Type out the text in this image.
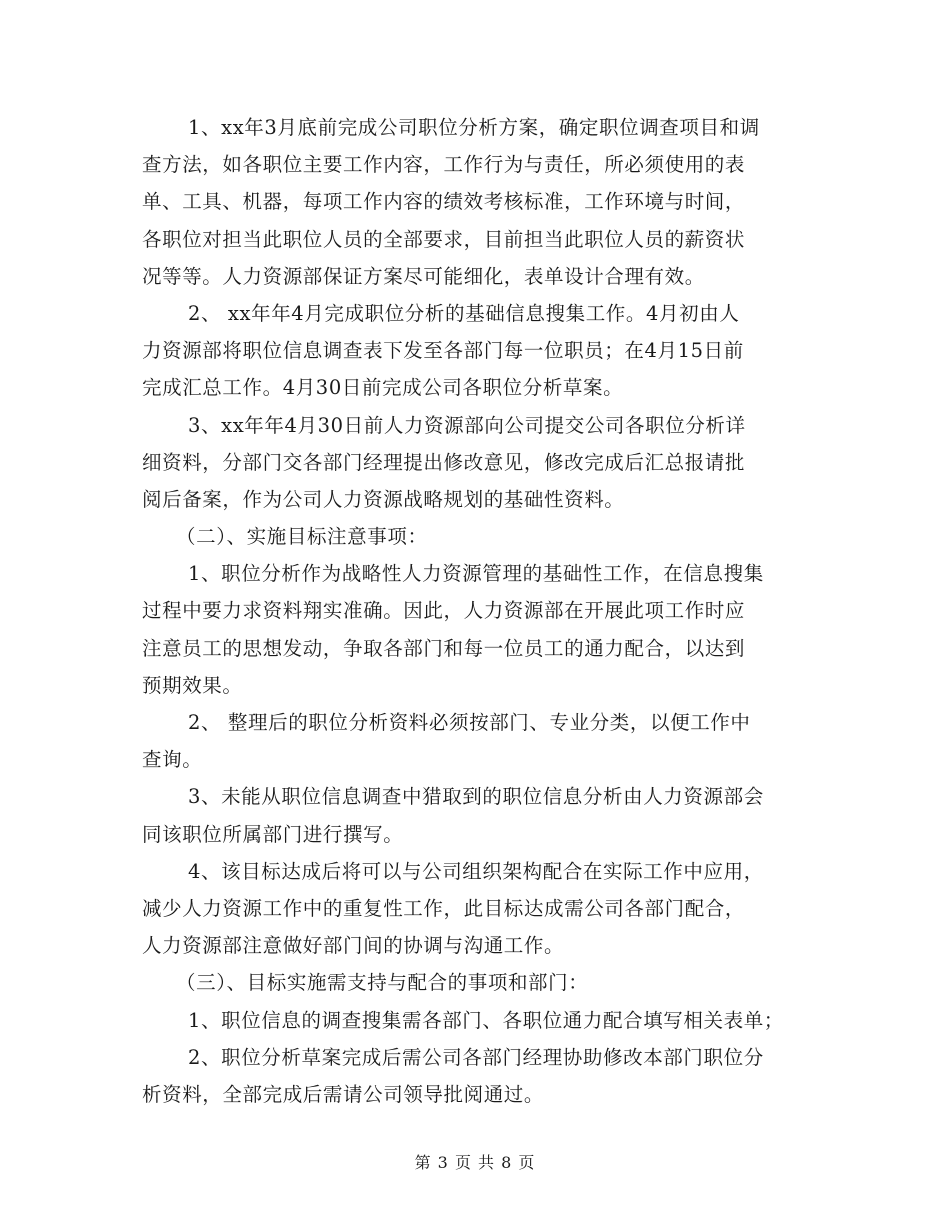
1、xx年3月底前完成公司职位分析方案，确定职位调查项目和调
查方法，如各职位主要工作内容，工作行为与责任，所必须使用的表
单、工具、机器，每项工作内容的绩效考核标准，工作环境与时间，
各职位对担当此职位人员的全部要求，目前担当此职位人员的薪资状
况等等。人力资源部保证方案尽可能细化，表单设计合理有效。
2、 xx年年4月完成职位分析的基础信息搜集工作。4月初由人
力资源部将职位信息调查表下发至各部门每一位职员；在4月15日前
完成汇总工作。4月30日前完成公司各职位分析草案。
3、xx年年4月30日前人力资源部向公司提交公司各职位分析详
细资料，分部门交各部门经理提出修改意见，修改完成后汇总报请批
阅后备案，作为公司人力资源战略规划的基础性资料。
（二）、实施目标注意事项：
1、职位分析作为战略性人力资源管理的基础性工作，在信息搜集
过程中要力求资料翔实准确。因此，人力资源部在开展此项工作时应
注意员工的思想发动，争取各部门和每一位员工的通力配合，以达到
预期效果。
2、 整理后的职位分析资料必须按部门、专业分类，以便工作中
查询。
3、未能从职位信息调查中猎取到的职位信息分析由人力资源部会
同该职位所属部门进行撰写。
4、该目标达成后将可以与公司组织架构配合在实际工作中应用，
减少人力资源工作中的重复性工作，此目标达成需公司各部门配合，
人力资源部注意做好部门间的协调与沟通工作。
（三）、目标实施需支持与配合的事项和部门：
1、职位信息的调查搜集需各部门、各职位通力配合填写相关表单；
2、职位分析草案完成后需公司各部门经理协助修改本部门职位分
析资料，全部完成后需请公司领导批阅通过。
第 3 页 共 8 页
